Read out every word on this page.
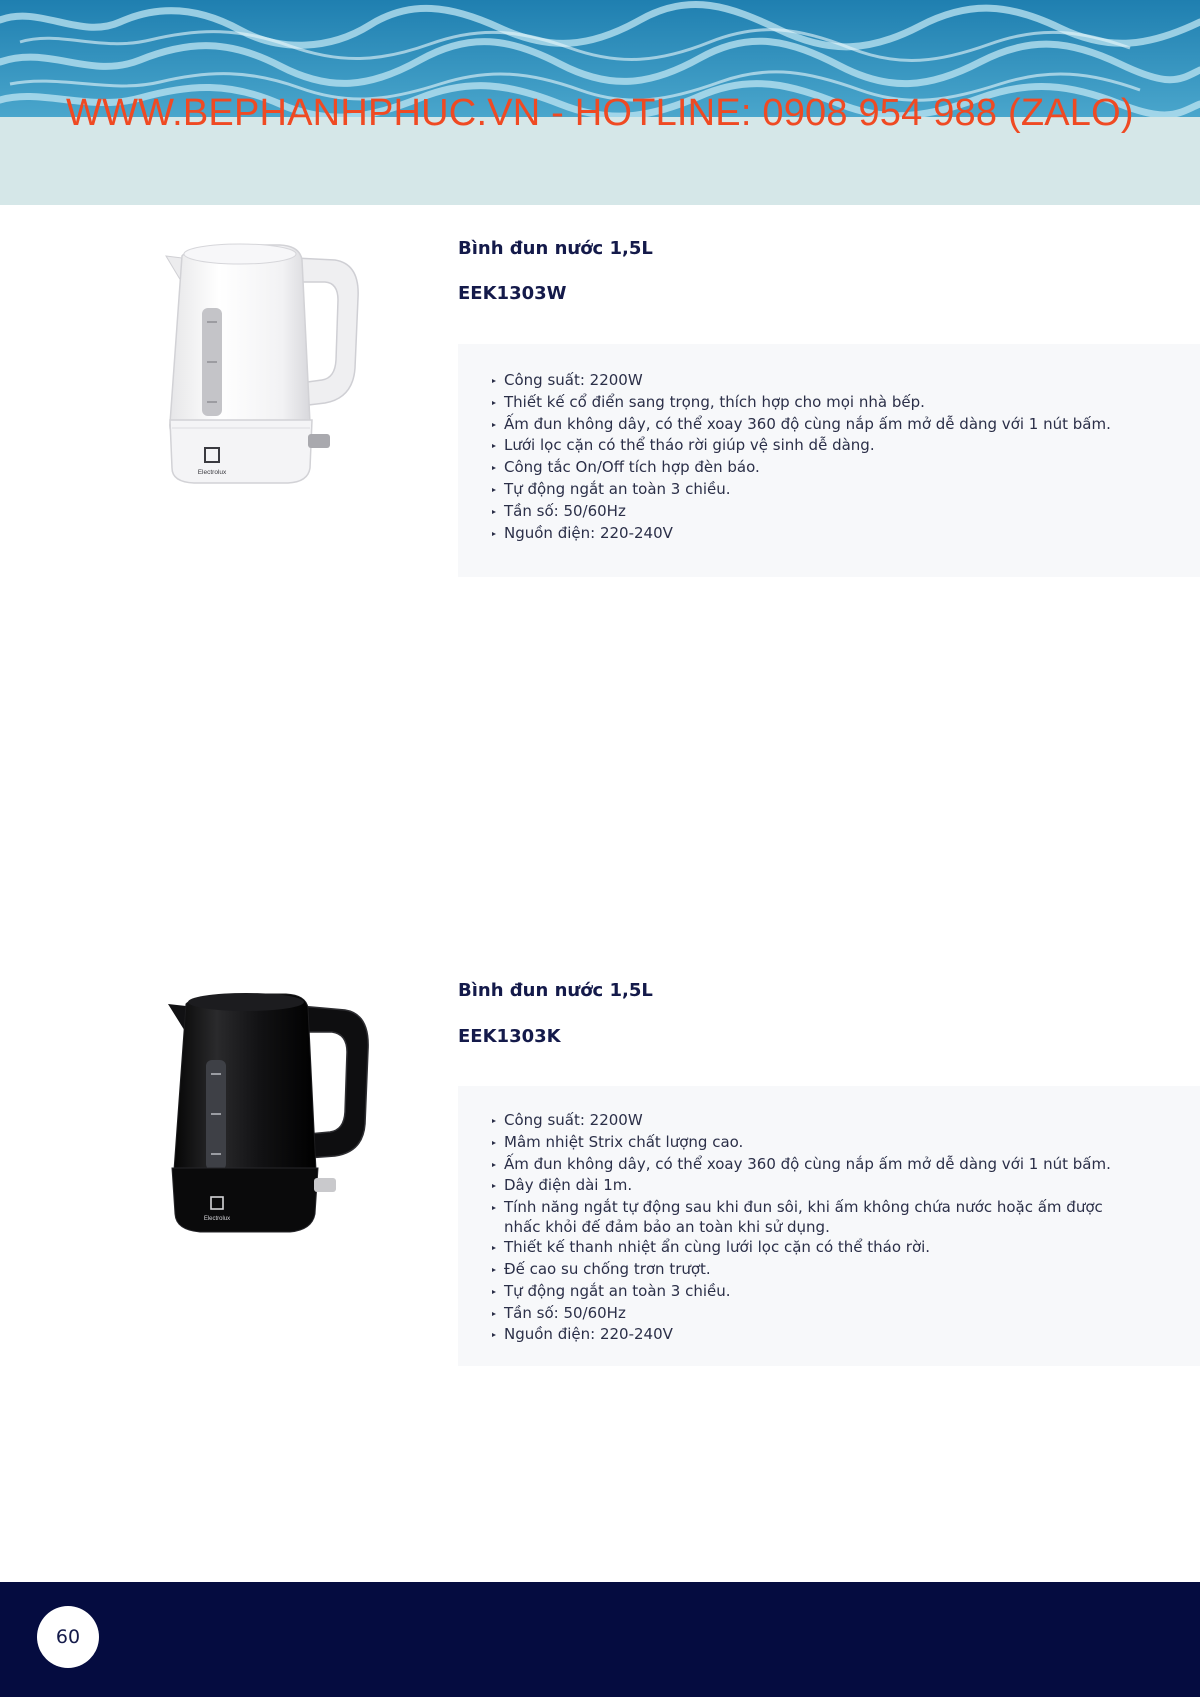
WWW.BEPHANHPHUC.VN - HOTLINE: 0908 954 988 (ZALO)
Electrolux
Bình đun nước 1,5L
EEK1303W
Công suất: 2200W
Thiết kế cổ điển sang trọng, thích hợp cho mọi nhà bếp.
Ấm đun không dây, có thể xoay 360 độ cùng nắp ấm mở dễ dàng với 1 nút bấm.
Lưới lọc cặn có thể tháo rời giúp vệ sinh dễ dàng.
Công tắc On/Off tích hợp đèn báo.
Tự động ngắt an toàn 3 chiều.
Tần số: 50/60Hz
Nguồn điện: 220-240V
Electrolux
Bình đun nước 1,5L
EEK1303K
Công suất: 2200W
Mâm nhiệt Strix chất lượng cao.
Ấm đun không dây, có thể xoay 360 độ cùng nắp ấm mở dễ dàng với 1 nút bấm.
Dây điện dài 1m.
Tính năng ngắt tự động sau khi đun sôi, khi ấm không chứa nước hoặc ấm được nhấc khỏi đế đảm bảo an toàn khi sử dụng.
Thiết kế thanh nhiệt ẩn cùng lưới lọc cặn có thể tháo rời.
Đế cao su chống trơn trượt.
Tự động ngắt an toàn 3 chiều.
Tần số: 50/60Hz
Nguồn điện: 220-240V
60
